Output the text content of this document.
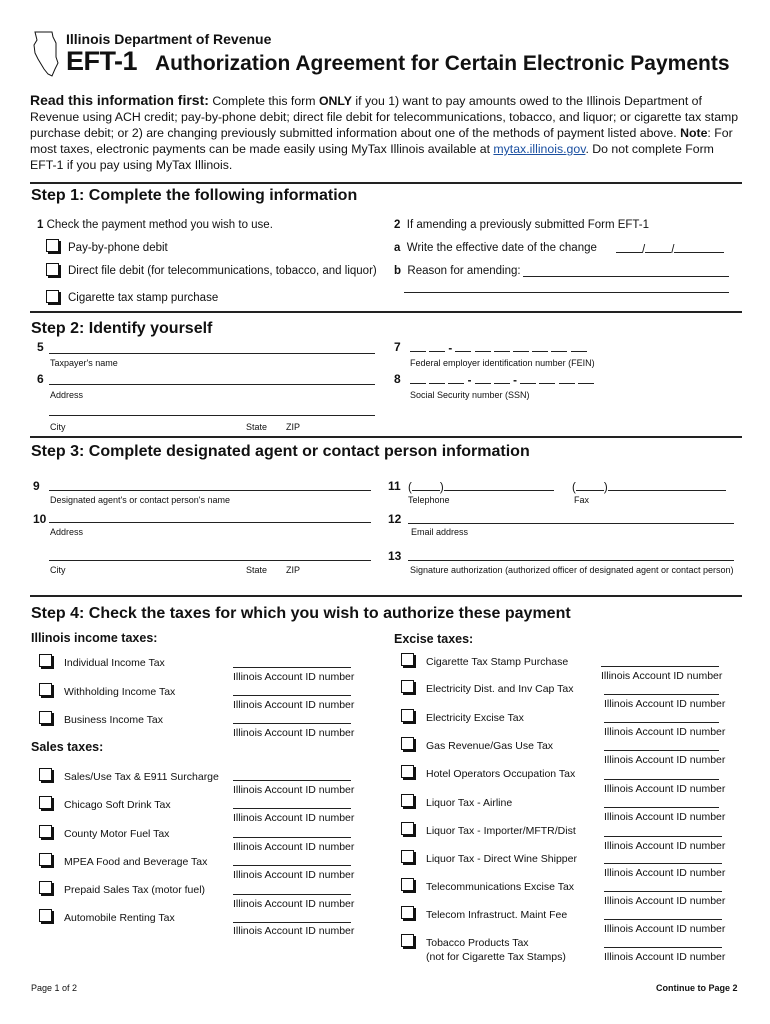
Illinois Department of Revenue
EFT-1 Authorization Agreement for Certain Electronic Payments
Read this information first: Complete this form ONLY if you 1) want to pay amounts owed to the Illinois Department of Revenue using ACH credit; pay-by-phone debit; direct file debit for telecommunications, tobacco, and liquor; or cigarette tax stamp purchase debit; or 2) are changing previously submitted information about one of the methods of payment listed above. Note: For most taxes, electronic payments can be made easily using MyTax Illinois available at mytax.illinois.gov. Do not complete Form EFT-1 if you pay using MyTax Illinois.
Step 1: Complete the following information
1 Check the payment method you wish to use.
Pay-by-phone debit
Direct file debit (for telecommunications, tobacco, and liquor)
Cigarette tax stamp purchase
2 If amending a previously submitted Form EFT-1
a Write the effective date of the change	/ /
b Reason for amending:
Step 2: Identify yourself
5
Taxpayer's name
6
Address
City	State ZIP
7	-
Federal employer identification number (FEIN)
8	-	-
Social Security number (SSN)
Step 3: Complete designated agent or contact person information
9
Designated agent's or contact person's name
10
Address
City	State ZIP
11 ( )	( )
Telephone	Fax
12
Email address
13
Signature authorization (authorized officer of designated agent or contact person)
Step 4: Check the taxes for which you wish to authorize these payment
Illinois income taxes:	Excise taxes:
Sales taxes:
Individual Income Tax
Illinois Account ID number
Withholding Income Tax
Illinois Account ID number
Business Income Tax
Illinois Account ID number
Sales/Use Tax & E911 Surcharge
Illinois Account ID number
Chicago Soft Drink Tax
Illinois Account ID number
County Motor Fuel Tax
Illinois Account ID number
MPEA Food and Beverage Tax
Illinois Account ID number
Prepaid Sales Tax (motor fuel)
Illinois Account ID number
Automobile Renting Tax
Illinois Account ID number
Cigarette Tax Stamp Purchase
Illinois Account ID number
Electricity Dist. and Inv Cap Tax
Illinois Account ID number
Electricity Excise Tax
Illinois Account ID number
Gas Revenue/Gas Use Tax
Illinois Account ID number
Hotel Operators Occupation Tax
Illinois Account ID number
Liquor Tax - Airline
Illinois Account ID number
Liquor Tax - Importer/MFTR/Dist
Illinois Account ID number
Liquor Tax - Direct Wine Shipper
Illinois Account ID number
Telecommunications Excise Tax
Illinois Account ID number
Telecom Infrastruct. Maint Fee
Illinois Account ID number
Tobacco Products Tax
(not for Cigarette Tax Stamps)	Illinois Account ID number
Page 1 of 2	Continue to Page 2
